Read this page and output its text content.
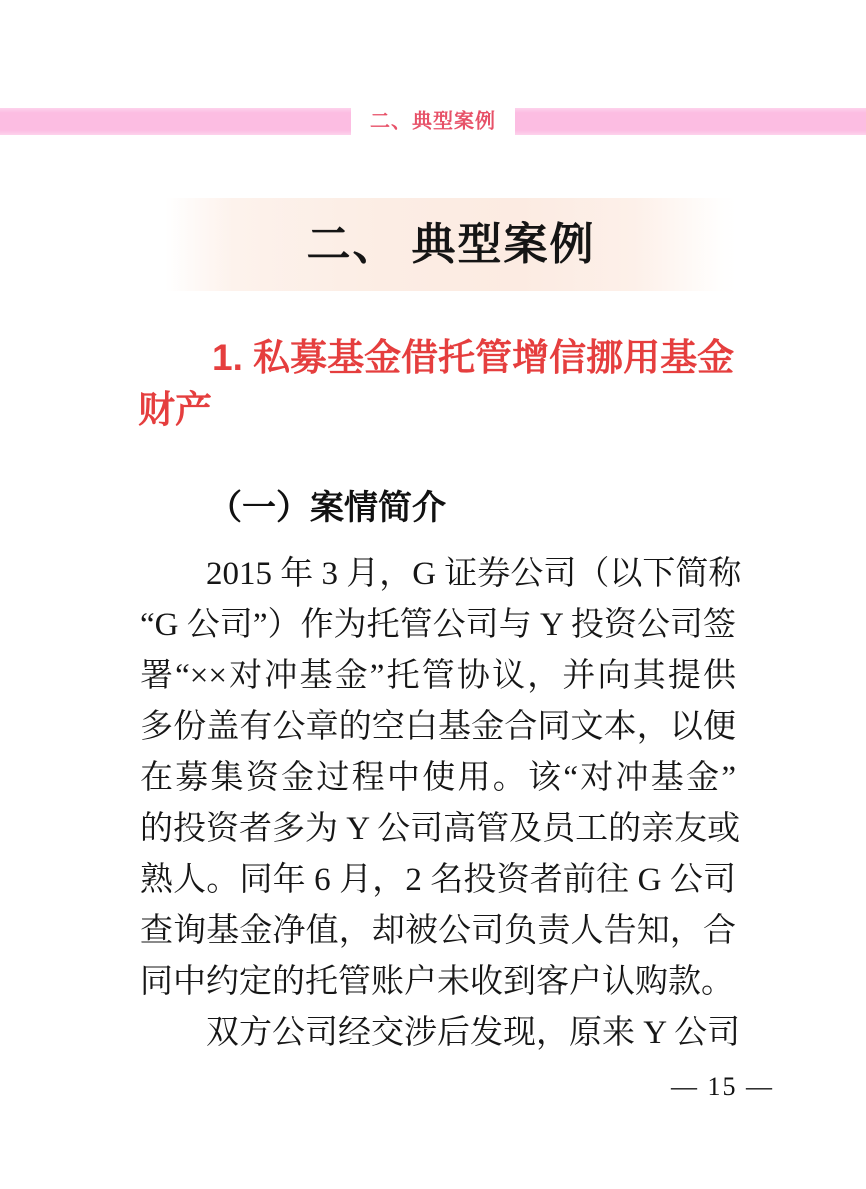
二、典型案例
二、 典型案例
1. 私募基金借托管增信挪用基金
财产
（一）案情简介
2015 年 3 月，G 证券公司（以下简称
“G 公司”）作为托管公司与 Y 投资公司签
署“××对冲基金”托管协议，并向其提供
多份盖有公章的空白基金合同文本，以便
在募集资金过程中使用。该“对冲基金”
的投资者多为 Y 公司高管及员工的亲友或
熟人。同年 6 月，2 名投资者前往 G 公司
查询基金净值，却被公司负责人告知，合
同中约定的托管账户未收到客户认购款。
双方公司经交涉后发现，原来 Y 公司
— 15 —
